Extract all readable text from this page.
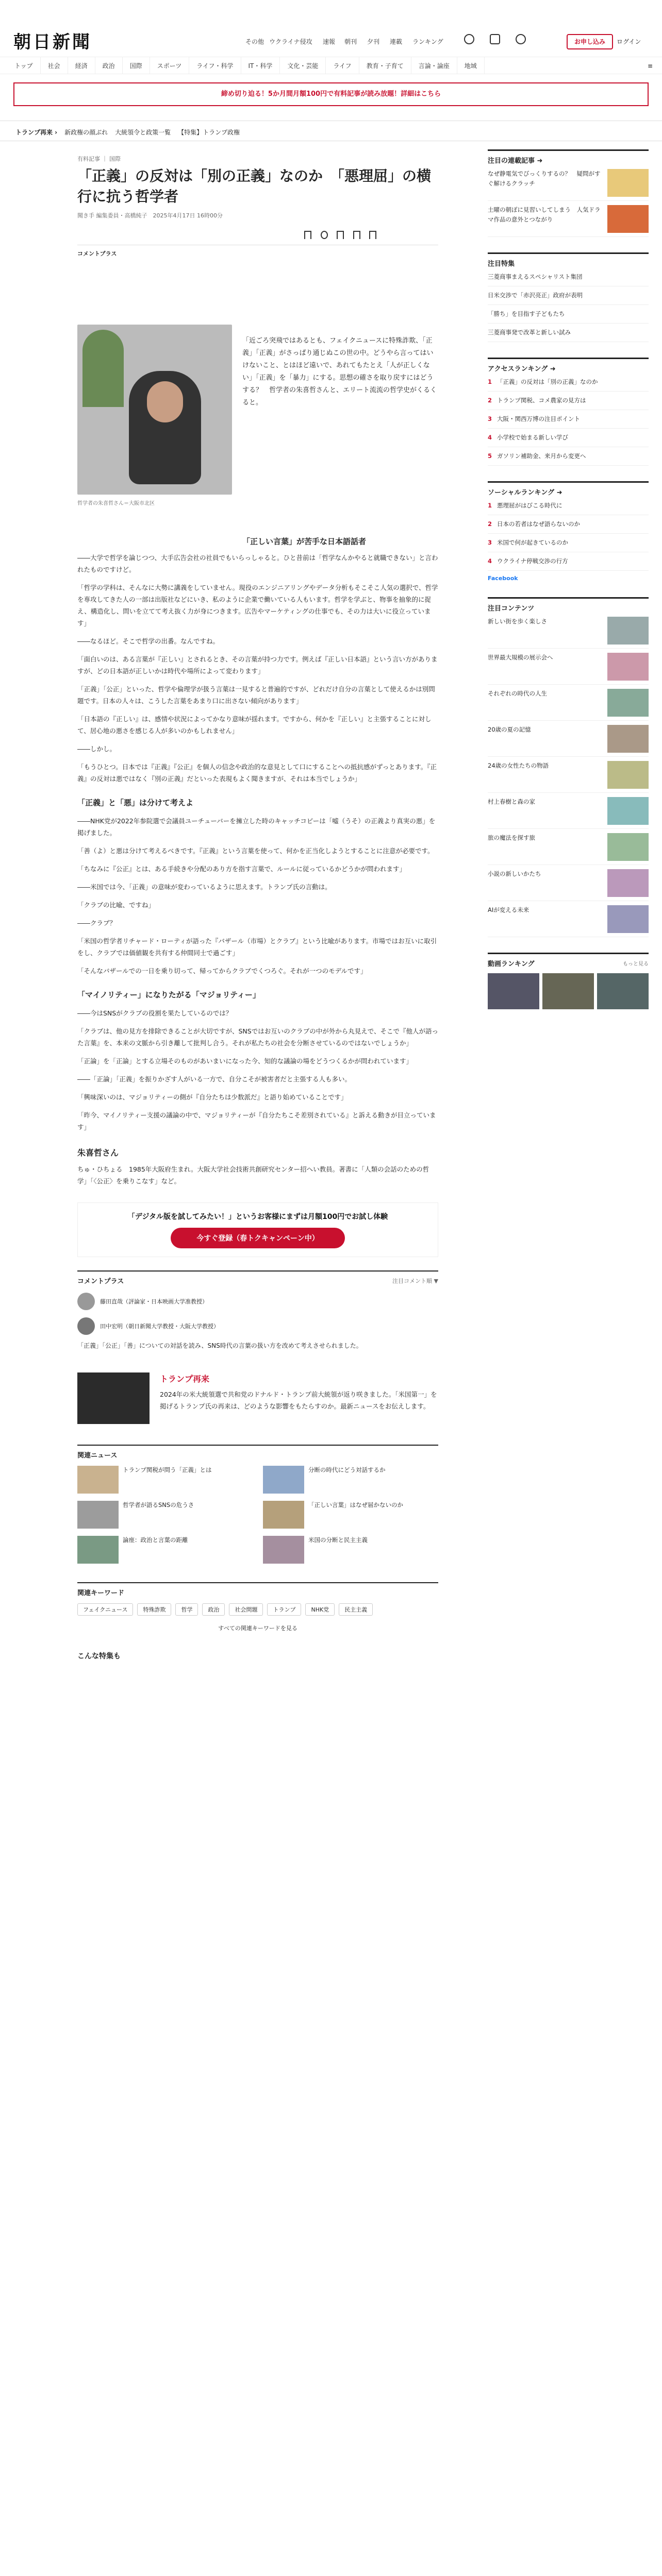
朝日新聞	その他 ウクライナ侵攻 速報 朝刊 夕刊 連載 ランキング	お申し込み	ログイン
トップ	社会	経済	政治	国際	スポーツ	ライフ・科学	IT・科学	文化・芸能	ライフ	教育・子育て	言論・論座	地域	≡
締め切り迫る！5か月間月額100円で有料記事が読み放題！詳細はこちら
トランプ再来 › 新政権の顔ぶれ 大統領令と政策一覧 【特集】トランプ政権
有料記事 ｜ 国際
「正義」の反対は「別の正義」なのか　「悪理屈」の横行に抗う哲学者
聞き手 編集委員・高橋純子　2025年4月17日 16時00分

コメントプラス
哲学者の朱喜哲さん＝大阪市北区
「近ごろ突飛ではあるとも、フェイクニュースに特殊詐欺、「正義」「正義」がさっぱり通じぬこの世の中。どうやら言ってはいけないこと、とはほど遠いで、あれてもたとえ「人が正しくない」「正義」を「暴力」にする。思想の確さを取り戻すにはどうする？　哲学者の朱喜哲さんと、エリート流流の哲学史がくるくると。
「正しい言葉」が苦手な日本語話者

――大学で哲学を論じつつ、大手広告会社の社員でもいらっしゃると。ひと昔前は「哲学なんかやると就職できない」と言われたものですけど。

「哲学の学科は、そんなに大勢に講義をしていません。現役のエンジニアリングやデータ分析もそこそこ人気の選択で、哲学を専攻してきた人の一部は出版社などにいき、私のように企業で働いている人もいます。哲学を学ぶと、物事を抽象的に捉え、構造化し、問いを立てて考え抜く力が身につきます。広告やマーケティングの仕事でも、その力は大いに役立っています」

――なるほど。そこで哲学の出番。なんですね。

「面白いのは、ある言葉が『正しい』とされるとき、その言葉が持つ力です。例えば『正しい日本語』という言い方がありますが、どの日本語が正しいかは時代や場所によって変わります」

「正義」「公正」といった、哲学や倫理学が扱う言葉は一見すると普遍的ですが、どれだけ自分の言葉として使えるかは別問題です。日本の人々は、こうした言葉をあまり口に出さない傾向があります」

「日本語の『正しい』は、感情や状況によってかなり意味が揺れます。ですから、何かを『正しい』と主張することに対して、居心地の悪さを感じる人が多いのかもしれません」

――しかし。

「もうひとつ。日本では『正義』『公正』を個人の信念や政治的な意見として口にすることへの抵抗感がずっとあります。『正義』の反対は悪ではなく『別の正義』だといった表現もよく聞きますが、それは本当でしょうか」

「正義」と「悪」は分けて考えよ

――NHK党が2022年参院選で会議員ユーチューバーを擁立した時のキャッチコピーは「嘘（うそ）の正義より真実の悪」を掲げました。

「善（よ）と悪は分けて考えるべきです。『正義』という言葉を使って、何かを正当化しようとすることに注意が必要です。

「ちなみに『公正』とは、ある手続きや分配のあり方を指す言葉で、ルールに従っているかどうかが問われます」

――米国では今、「正義」の意味が変わっているように思えます。トランプ氏の言動は。

「クラブの比喩、ですね」

――クラブ？

「米国の哲学者リチャード・ローティが語った『バザール（市場）とクラブ』という比喩があります。市場ではお互いに取引をし、クラブでは価値観を共有する仲間同士で過ごす」

「そんなバザールでの一日を乗り切って、帰ってからクラブでくつろぐ。それが一つのモデルです」

「マイノリティー」になりたがる「マジョリティー」

――今はSNSがクラブの役割を果たしているのでは？

「クラブは、他の見方を排除できることが大切ですが、SNSではお互いのクラブの中が外から丸見えで、そこで『他人が語った言葉』を、本来の文脈から引き離して批判し合う。それが私たちの社会を分断させているのではないでしょうか」

「正論」を「正論」とする立場そのものがあいまいになった今、知的な議論の場をどうつくるかが問われています」

――「正論」「正義」を振りかざす人がいる一方で、自分こそが被害者だと主張する人も多い。

「興味深いのは、マジョリティーの側が『自分たちは少数派だ』と語り始めていることです」

「昨今、マイノリティー支援の議論の中で、マジョリティーが『自分たちこそ差別されている』と訴える動きが目立っています」

朱喜哲さん

ちゅ・ひちょる　1985年大阪府生まれ。大阪大学社会技術共創研究センター招へい教員。著書に「人類の会話のための哲学」「〈公正〉を乗りこなす」など。

「デジタル版を試してみたい！」というお客様にまずは月額100円でお試し体験
今すぐ登録（春トクキャンペーン中）
コメントプラス	注目コメント順 ▼
藤田直哉（評論家・日本映画大学准教授）
田中宏明（朝日新聞大学教授・大阪大学教授）

「正義」「公正」「善」についての対話を読み、SNS時代の言葉の扱い方を改めて考えさせられました。

トランプ再来

2024年の米大統領選で共和党のドナルド・トランプ前大統領が返り咲きました。「米国第一」を掲げるトランプ氏の再来は、どのような影響をもたらすのか。最新ニュースをお伝えします。

関連ニュース
トランプ関税が問う「正義」とは	分断の時代にどう対話するか
哲学者が語るSNSの危うさ	「正しい言葉」はなぜ届かないのか
論座：政治と言葉の距離	米国の分断と民主主義
関連キーワード
フェイクニュース	特殊詐欺	哲学	政治	社会問題	トランプ	NHK党	民主主義
すべての関連キーワードを見る
こんな特集も
注目の連載記事 ➜
なぜ静電気でびっくりするの？　疑問がすぐ解けるクラッチ
土曜の朝ぽに見習いしてしまう　人気ドラマ作品の意外とつながり
注目特集
三菱商事まえるスペシャリスト集団
日米交渉で「赤沢亮正」政府が表明
「勝ち」を目指す子どもたち
三菱商事発で改革と新しい試み
アクセスランキング ➜
1 「正義」の反対は「別の正義」なのか
2 トランプ関税、コメ農家の見方は
3 大阪・関西万博の注目ポイント
4 小学校で始まる新しい学び
5 ガソリン補助金、来月から変更へ
ソーシャルランキング ➜
1 悪理屈がはびこる時代に
2 日本の若者はなぜ語らないのか
3 米国で何が起きているのか
4 ウクライナ停戦交渉の行方
Facebook
注目コンテンツ
新しい街を歩く楽しさ
世界最大規模の展示会へ
それぞれの時代の人生
20歳の夏の記憶
24歳の女性たちの物語
村上春樹と森の家
旅の魔法を探す旅
小説の新しいかたち
AIが変える未来
動画ランキング	もっと見る
